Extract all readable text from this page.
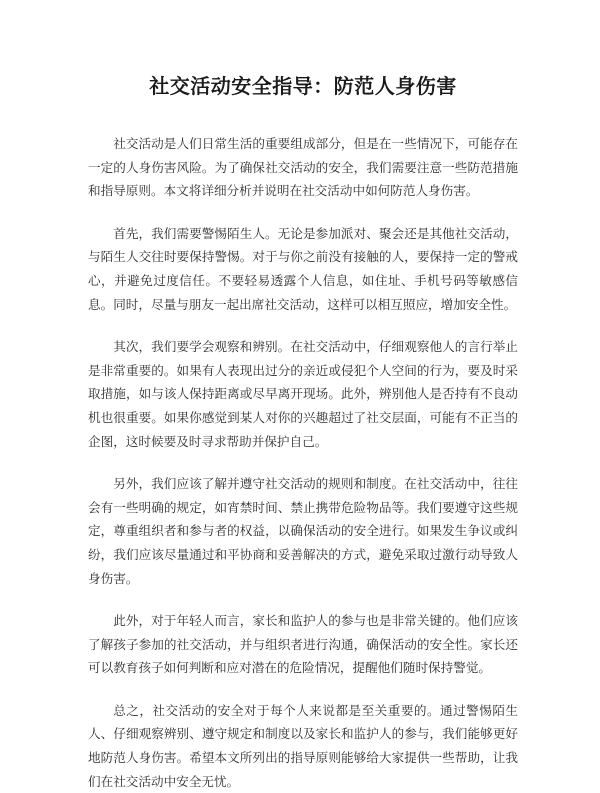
社交活动安全指导：防范人身伤害

社交活动是人们日常生活的重要组成部分，但是在一些情况下，可能存在一定的人身伤害风险。为了确保社交活动的安全，我们需要注意一些防范措施和指导原则。本文将详细分析并说明在社交活动中如何防范人身伤害。

首先，我们需要警惕陌生人。无论是参加派对、聚会还是其他社交活动，与陌生人交往时要保持警惕。对于与你之前没有接触的人，要保持一定的警戒心，并避免过度信任。不要轻易透露个人信息，如住址、手机号码等敏感信息。同时，尽量与朋友一起出席社交活动，这样可以相互照应，增加安全性。

其次，我们要学会观察和辨别。在社交活动中，仔细观察他人的言行举止是非常重要的。如果有人表现出过分的亲近或侵犯个人空间的行为，要及时采取措施，如与该人保持距离或尽早离开现场。此外，辨别他人是否持有不良动机也很重要。如果你感觉到某人对你的兴趣超过了社交层面，可能有不正当的企图，这时候要及时寻求帮助并保护自己。

另外，我们应该了解并遵守社交活动的规则和制度。在社交活动中，往往会有一些明确的规定，如宵禁时间、禁止携带危险物品等。我们要遵守这些规定，尊重组织者和参与者的权益，以确保活动的安全进行。如果发生争议或纠纷，我们应该尽量通过和平协商和妥善解决的方式，避免采取过激行动导致人身伤害。

此外，对于年轻人而言，家长和监护人的参与也是非常关键的。他们应该了解孩子参加的社交活动，并与组织者进行沟通，确保活动的安全性。家长还可以教育孩子如何判断和应对潜在的危险情况，提醒他们随时保持警觉。

总之，社交活动的安全对于每个人来说都是至关重要的。通过警惕陌生人、仔细观察辨别、遵守规定和制度以及家长和监护人的参与，我们能够更好地防范人身伤害。希望本文所列出的指导原则能够给大家提供一些帮助，让我们在社交活动中安全无忧。
